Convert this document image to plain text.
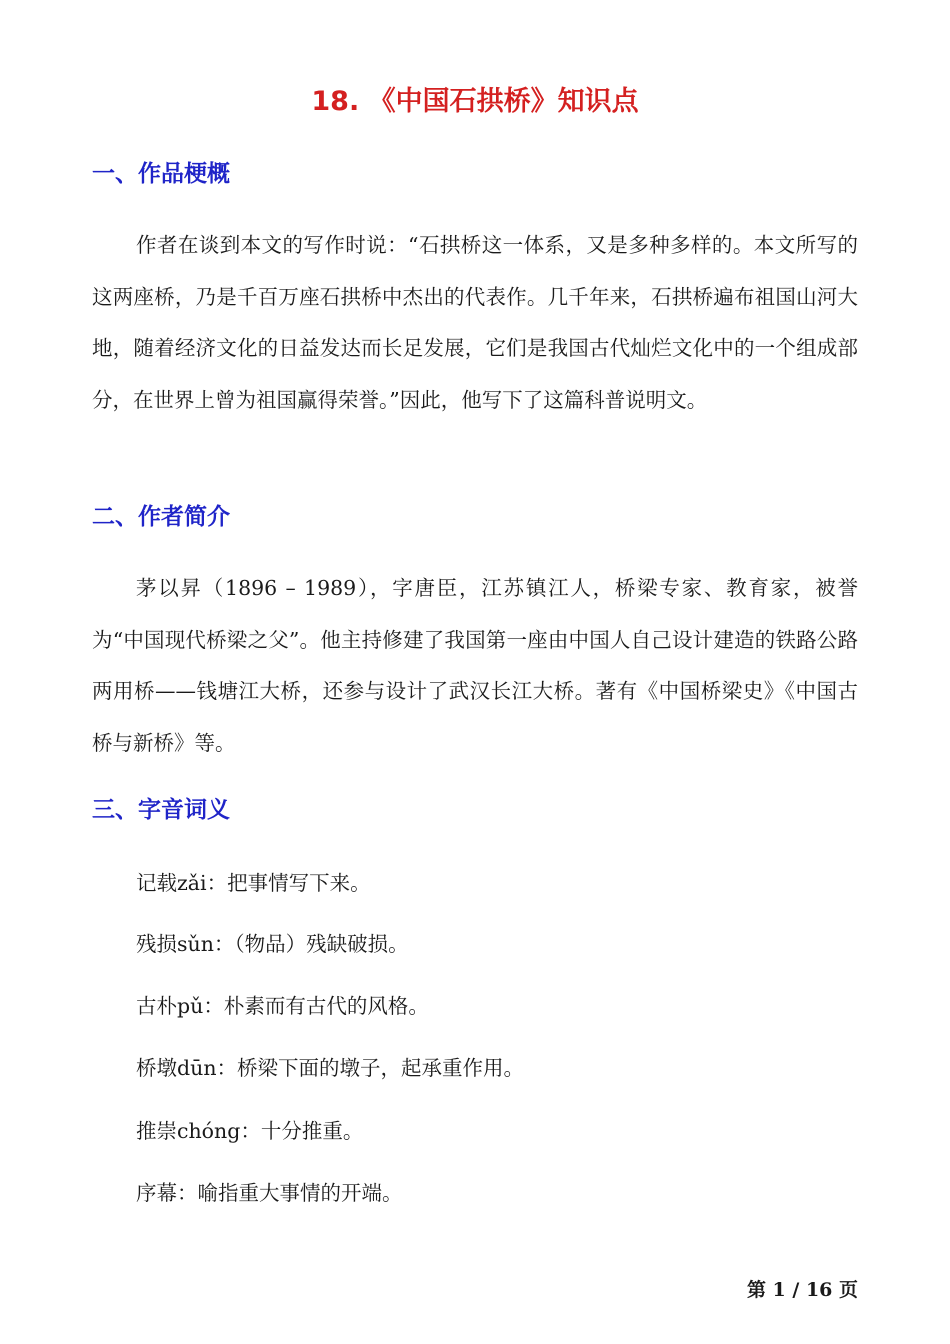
18. 《中国石拱桥》知识点
一、作品梗概

作者在谈到本文的写作时说：“石拱桥这一体系，又是多种多样的。本文所写的这两座桥，乃是千百万座石拱桥中杰出的代表作。几千年来，石拱桥遍布祖国山河大地，随着经济文化的日益发达而长足发展，它们是我国古代灿烂文化中的一个组成部分，在世界上曾为祖国赢得荣誉。”因此，他写下了这篇科普说明文。

二、作者简介

茅以昇（1896 – 1989），字唐臣，江苏镇江人，桥梁专家、教育家，被誉为“中国现代桥梁之父”。他主持修建了我国第一座由中国人自己设计建造的铁路公路两用桥——钱塘江大桥，还参与设计了武汉长江大桥。著有《中国桥梁史》《中国古桥与新桥》等。

三、字音词义
记载zǎi：把事情写下来。
残损sǔn：（物品）残缺破损。
古朴pǔ：朴素而有古代的风格。
桥墩dūn：桥梁下面的墩子，起承重作用。
推崇chóng：十分推重。
序幕：喻指重大事情的开端。
第 1 / 16 页
